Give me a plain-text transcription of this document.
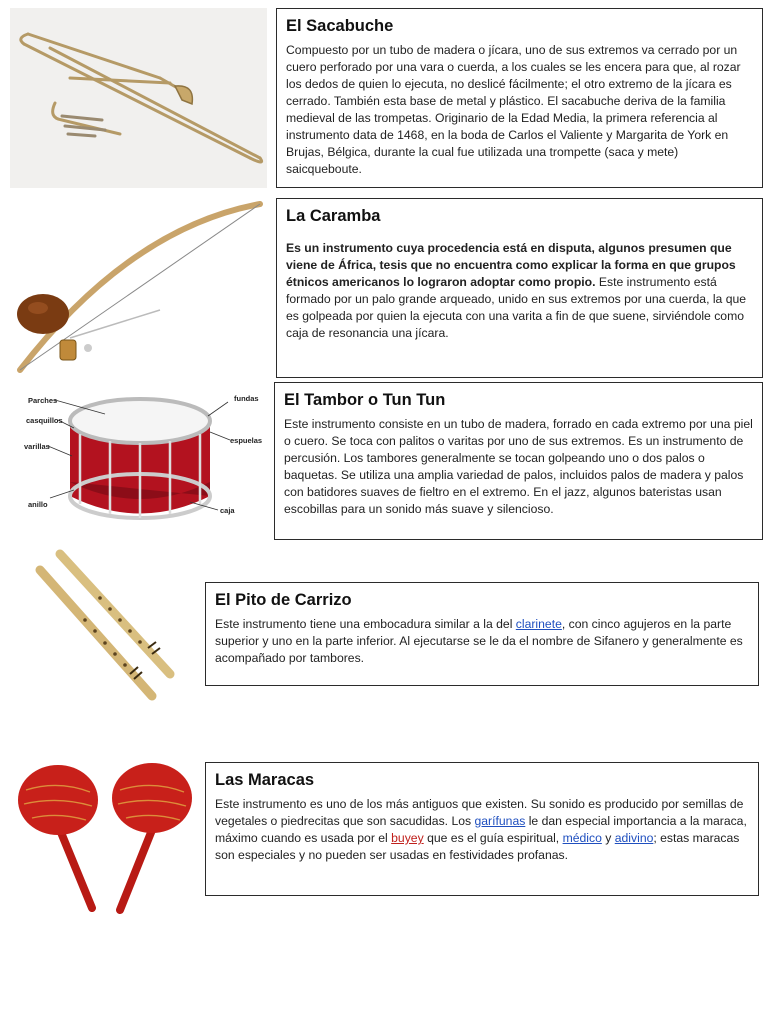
El Sacabuche

Compuesto por un tubo de madera o jícara, uno de sus extremos va cerrado por un cuero perforado por una vara o cuerda, a los cuales se les encera para que, al rozar los dedos de quien lo ejecuta, no deslicé fácilmente; el otro extremo de la jícara es cerrado. También esta base de metal y plástico. El sacabuche deriva de la familia medieval de las trompetas. Originario de la Edad Media, la primera referencia al instrumento data de 1468, en la boda de Carlos el Valiente y Margarita de York en Brujas, Bélgica, durante la cual fue utilizada una trompette (saca y mete) saicqueboute.

La Caramba

Es un instrumento cuya procedencia está en disputa, algunos presumen que viene de África, tesis que no encuentra como explicar la forma en que grupos étnicos americanos lo lograron adoptar como propio. Este instrumento está formado por un palo grande arqueado, unido en sus extremos por una cuerda, la que es golpeada por quien la ejecuta con una varita a fin de que suene, sirviéndole como caja de resonancia una jícara.

Parches
casquillos
varillas
anillo
fundas
espuelas
caja
El Tambor o Tun Tun

Este instrumento consiste en un tubo de madera, forrado en cada extremo por una piel o cuero. Se toca con palitos o varitas por uno de sus extremos. Es un instrumento de percusión. Los tambores generalmente se tocan golpeando uno o dos palos o baquetas. Se utiliza una amplia variedad de palos, incluidos palos de madera y palos con batidores suaves de fieltro en el extremo. En el jazz, algunos bateristas usan escobillas para un sonido más suave y silencioso.

El Pito de Carrizo

Este instrumento tiene una embocadura similar a la del clarinete, con cinco agujeros en la parte superior y uno en la parte inferior. Al ejecutarse se le da el nombre de Sifanero y generalmente es acompañado por tambores.

Las Maracas

Este instrumento es uno de los más antiguos que existen. Su sonido es producido por semillas de vegetales o piedrecitas que son sacudidas. Los garífunas le dan especial importancia a la maraca, máximo cuando es usada por el buyey que es el guía espiritual, médico y adivino; estas maracas son especiales y no pueden ser usadas en festividades profanas.
